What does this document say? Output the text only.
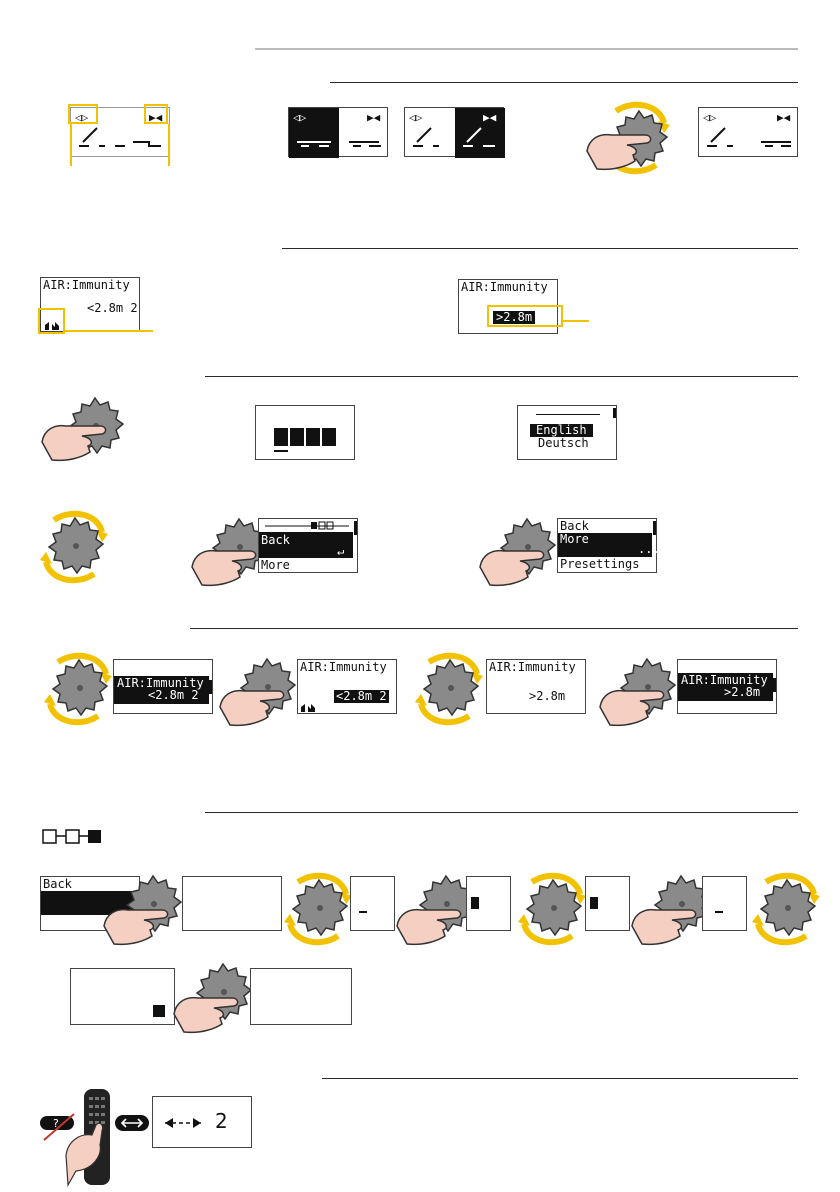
◁▷	▶◀	◁▷	▶◀	◁▷	▶◀	◁▷	▶◀
AIR:Immunity
<2.8m 2
AIR:Immunity
>2.8m
English
Deutsch
Back
↵
More
Back
More
...
Presettings
AIR:Immunity
<2.8m 2
AIR:Immunity
<2.8m 2
AIR:Immunity
>2.8m
AIR:Immunity
>2.8m
Back
?	2
